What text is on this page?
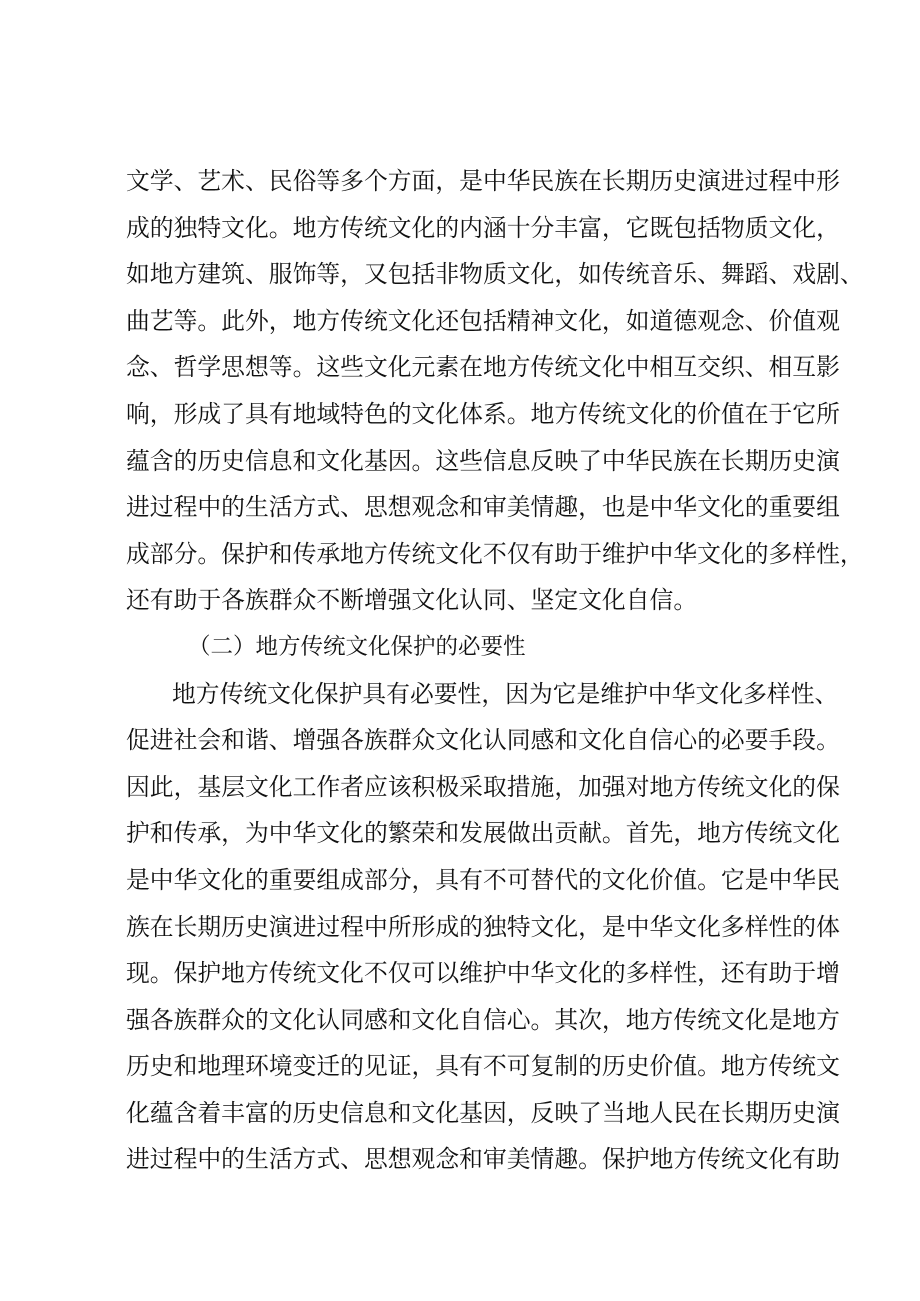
文学、艺术、民俗等多个方面，是中华民族在长期历史演进过程中形
成的独特文化。地方传统文化的内涵十分丰富，它既包括物质文化，
如地方建筑、服饰等，又包括非物质文化，如传统音乐、舞蹈、戏剧、
曲艺等。此外，地方传统文化还包括精神文化，如道德观念、价值观
念、哲学思想等。这些文化元素在地方传统文化中相互交织、相互影
响，形成了具有地域特色的文化体系。地方传统文化的价值在于它所
蕴含的历史信息和文化基因。这些信息反映了中华民族在长期历史演
进过程中的生活方式、思想观念和审美情趣，也是中华文化的重要组
成部分。保护和传承地方传统文化不仅有助于维护中华文化的多样性，
还有助于各族群众不断增强文化认同、坚定文化自信。
（二）地方传统文化保护的必要性
地方传统文化保护具有必要性，因为它是维护中华文化多样性、
促进社会和谐、增强各族群众文化认同感和文化自信心的必要手段。
因此，基层文化工作者应该积极采取措施，加强对地方传统文化的保
护和传承，为中华文化的繁荣和发展做出贡献。首先，地方传统文化
是中华文化的重要组成部分，具有不可替代的文化价值。它是中华民
族在长期历史演进过程中所形成的独特文化，是中华文化多样性的体
现。保护地方传统文化不仅可以维护中华文化的多样性，还有助于增
强各族群众的文化认同感和文化自信心。其次，地方传统文化是地方
历史和地理环境变迁的见证，具有不可复制的历史价值。地方传统文
化蕴含着丰富的历史信息和文化基因，反映了当地人民在长期历史演
进过程中的生活方式、思想观念和审美情趣。保护地方传统文化有助
